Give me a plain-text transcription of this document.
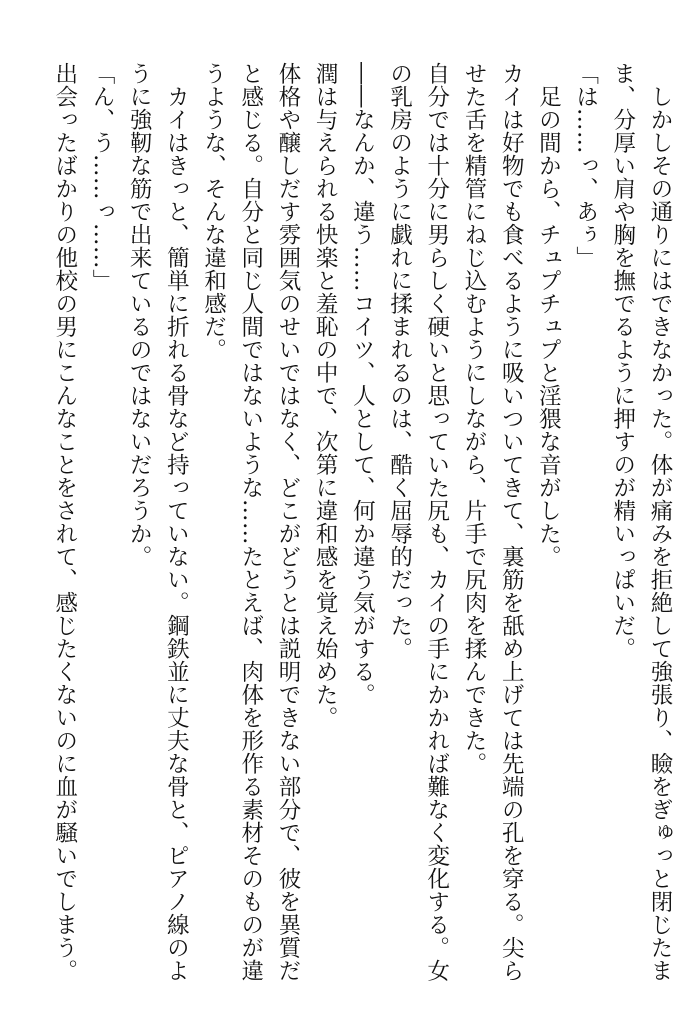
しかしその通りにはできなかった。体が痛みを拒絶して強張り、瞼をぎゅっと閉じたまま、分厚い肩や胸を撫でるように押すのが精いっぱいだ。

「は……っ、あぅ」

足の間から、チュプチュプと淫猥な音がした。

カイは好物でも食べるように吸いついてきて、裏筋を舐め上げては先端の孔を穿る。尖らせた舌を精管にねじ込むようにしながら、片手で尻肉を揉んできた。

自分では十分に男らしく硬いと思っていた尻も、カイの手にかかれば難なく変化する。女の乳房のように戯れに揉まれるのは、酷く屈辱的だった。

――なんか、違う……コイツ、人として、何か違う気がする。

潤は与えられる快楽と羞恥の中で、次第に違和感を覚え始めた。

体格や醸しだす雰囲気のせいではなく、どこがどうとは説明できない部分で、彼を異質だと感じる。自分と同じ人間ではないような……たとえば、肉体を形作る素材そのものが違うような、そんな違和感だ。

カイはきっと、簡単に折れる骨など持っていない。鋼鉄並に丈夫な骨と、ピアノ線のように強靭な筋で出来ているのではないだろうか。

「ん、う……っ……」

出会ったばかりの他校の男にこんなことをされて、感じたくないのに血が騒いでしまう。
